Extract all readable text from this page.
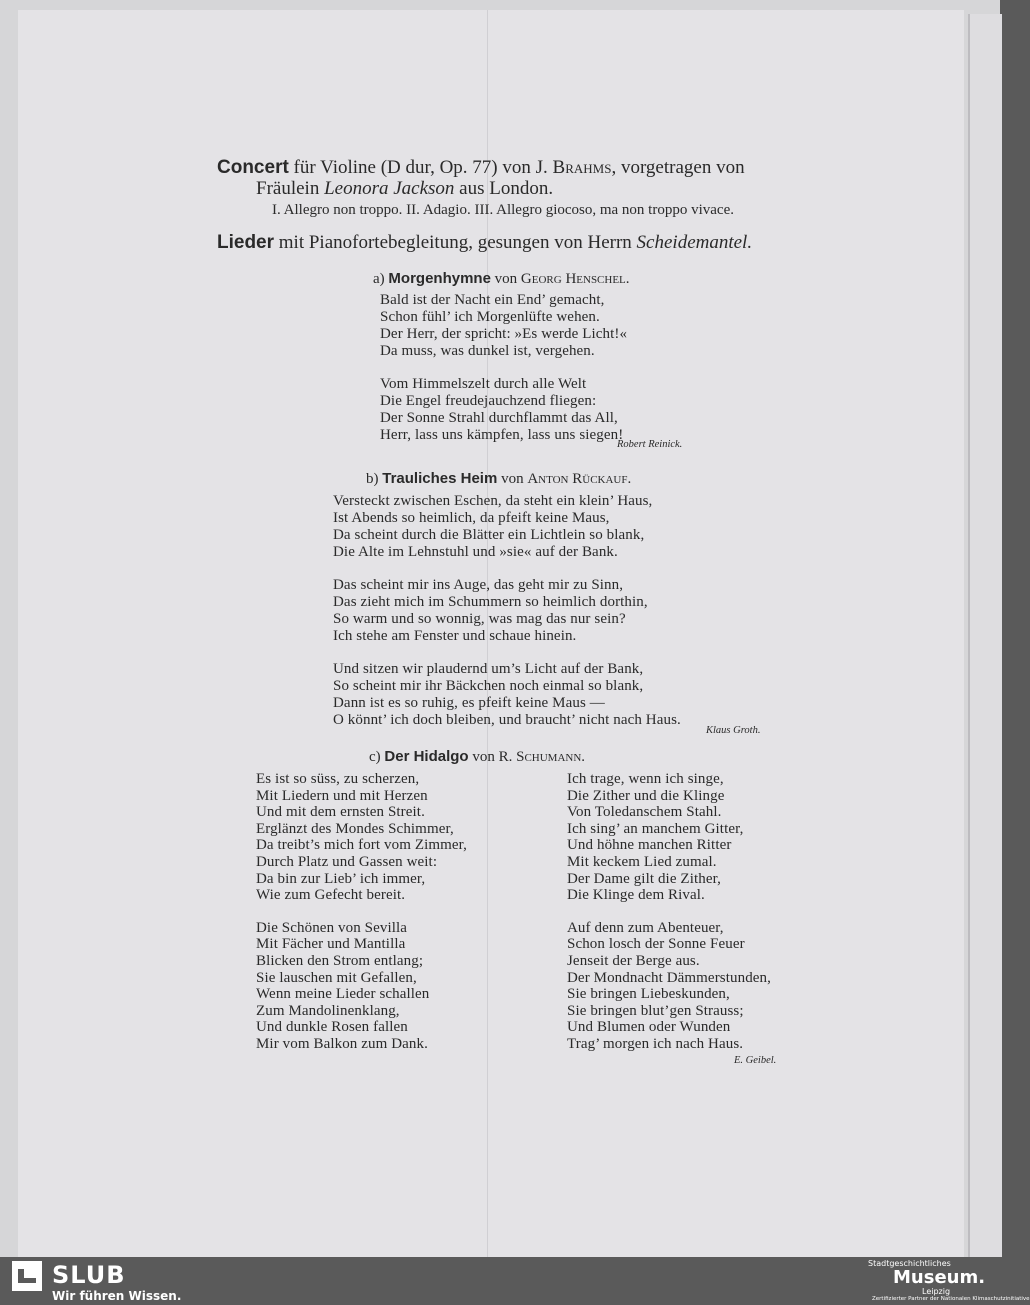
Concert für Violine (D dur, Op. 77) von J. Brahms, vorgetragen von
Fräulein Leonora Jackson aus London.
I. Allegro non troppo. II. Adagio. III. Allegro giocoso, ma non troppo vivace.
Lieder mit Pianofortebegleitung, gesungen von Herrn Scheidemantel.
a) Morgenhymne von Georg Henschel.
Bald ist der Nacht ein End’ gemacht,
Schon fühl’ ich Morgenlüfte wehen.
Der Herr, der spricht: »Es werde Licht!«
Da muss, was dunkel ist, vergehen.
Vom Himmelszelt durch alle Welt
Die Engel freudejauchzend fliegen:
Der Sonne Strahl durchflammt das All,
Herr, lass uns kämpfen, lass uns siegen!
Robert Reinick.
b) Trauliches Heim von Anton Rückauf.
Versteckt zwischen Eschen, da steht ein klein’ Haus,
Ist Abends so heimlich, da pfeift keine Maus,
Da scheint durch die Blätter ein Lichtlein so blank,
Die Alte im Lehnstuhl und »sie« auf der Bank.
Das scheint mir ins Auge, das geht mir zu Sinn,
Das zieht mich im Schummern so heimlich dorthin,
So warm und so wonnig, was mag das nur sein?
Ich stehe am Fenster und schaue hinein.
Und sitzen wir plaudernd um’s Licht auf der Bank,
So scheint mir ihr Bäckchen noch einmal so blank,
Dann ist es so ruhig, es pfeift keine Maus —
O könnt’ ich doch bleiben, und braucht’ nicht nach Haus.
Klaus Groth.
c) Der Hidalgo von R. Schumann.
Es ist so süss, zu scherzen,
Mit Liedern und mit Herzen
Und mit dem ernsten Streit.
Erglänzt des Mondes Schimmer,
Da treibt’s mich fort vom Zimmer,
Durch Platz und Gassen weit:
Da bin zur Lieb’ ich immer,
Wie zum Gefecht bereit.
Die Schönen von Sevilla
Mit Fächer und Mantilla
Blicken den Strom entlang;
Sie lauschen mit Gefallen,
Wenn meine Lieder schallen
Zum Mandolinenklang,
Und dunkle Rosen fallen
Mir vom Balkon zum Dank.
Ich trage, wenn ich singe,
Die Zither und die Klinge
Von Toledanschem Stahl.
Ich sing’ an manchem Gitter,
Und höhne manchen Ritter
Mit keckem Lied zumal.
Der Dame gilt die Zither,
Die Klinge dem Rival.
Auf denn zum Abenteuer,
Schon losch der Sonne Feuer
Jenseit der Berge aus.
Der Mondnacht Dämmerstunden,
Sie bringen Liebeskunden,
Sie bringen blut’gen Strauss;
Und Blumen oder Wunden
Trag’ morgen ich nach Haus.
E. Geibel.
SLUB
Wir führen Wissen.
Stadtgeschichtliches
Museum.
Leipzig
Zertifizierter Partner der Nationalen Klimaschutzinitiative
